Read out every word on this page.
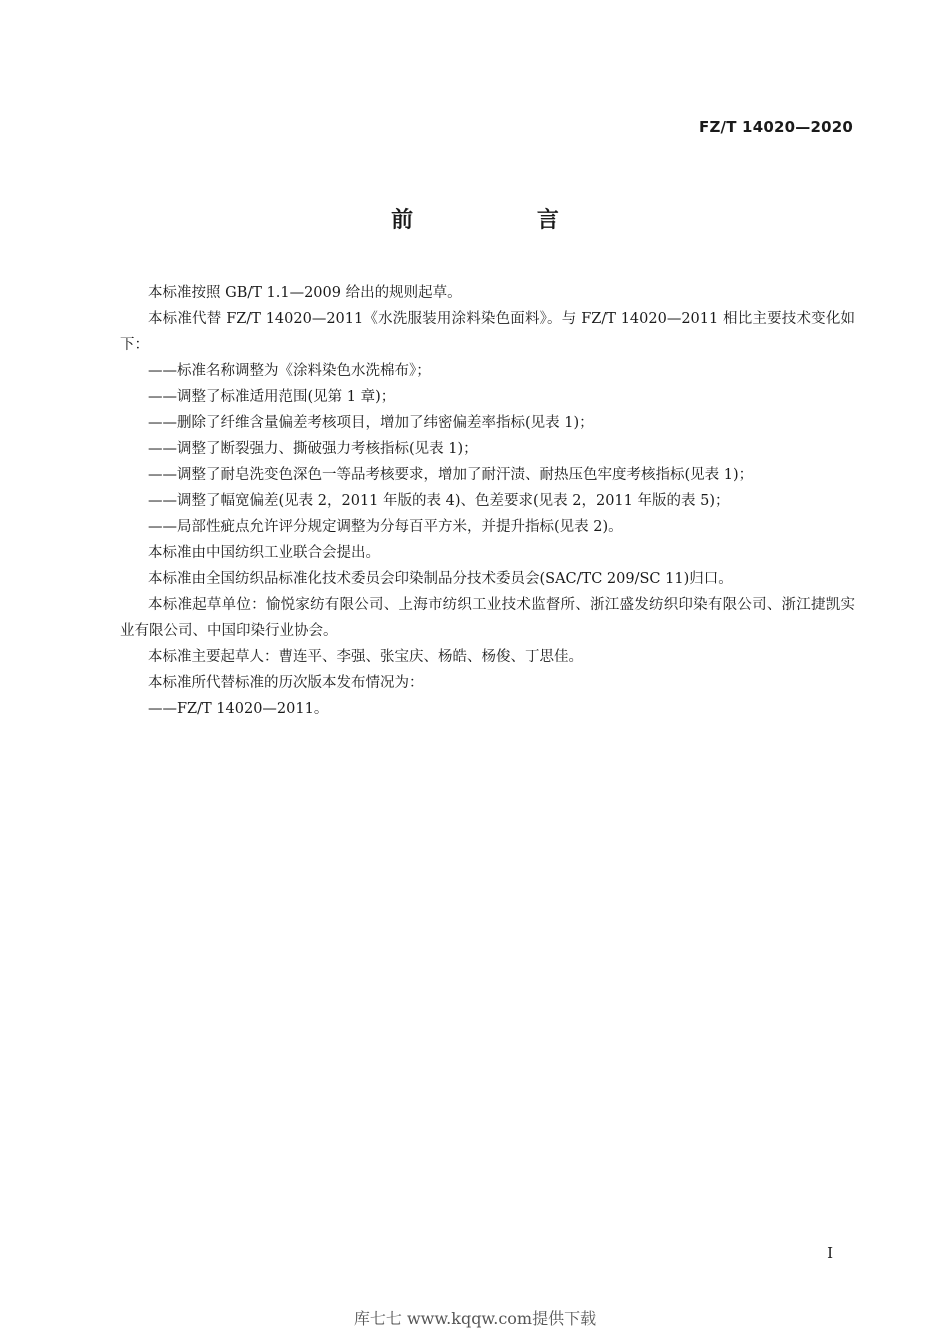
FZ/T 14020—2020
前 言

本标准按照 GB/T 1.1—2009 给出的规则起草。

本标准代替 FZ/T 14020—2011《水洗服装用涂料染色面料》。与 FZ/T 14020—2011 相比主要技术变化如下：

——标准名称调整为《涂料染色水洗棉布》；

——调整了标准适用范围(见第 1 章)；

——删除了纤维含量偏差考核项目，增加了纬密偏差率指标(见表 1)；

——调整了断裂强力、撕破强力考核指标(见表 1)；

——调整了耐皂洗变色深色一等品考核要求，增加了耐汗渍、耐热压色牢度考核指标(见表 1)；

——调整了幅宽偏差(见表 2，2011 年版的表 4)、色差要求(见表 2，2011 年版的表 5)；

——局部性疵点允许评分规定调整为分每百平方米，并提升指标(见表 2)。

本标准由中国纺织工业联合会提出。

本标准由全国纺织品标准化技术委员会印染制品分技术委员会(SAC/TC 209/SC 11)归口。

本标准起草单位：愉悦家纺有限公司、上海市纺织工业技术监督所、浙江盛发纺织印染有限公司、浙江捷凯实业有限公司、中国印染行业协会。

本标准主要起草人：曹连平、李强、张宝庆、杨皓、杨俊、丁思佳。

本标准所代替标准的历次版本发布情况为：

——FZ/T 14020—2011。

I
库七七 www.kqqw.com提供下载
